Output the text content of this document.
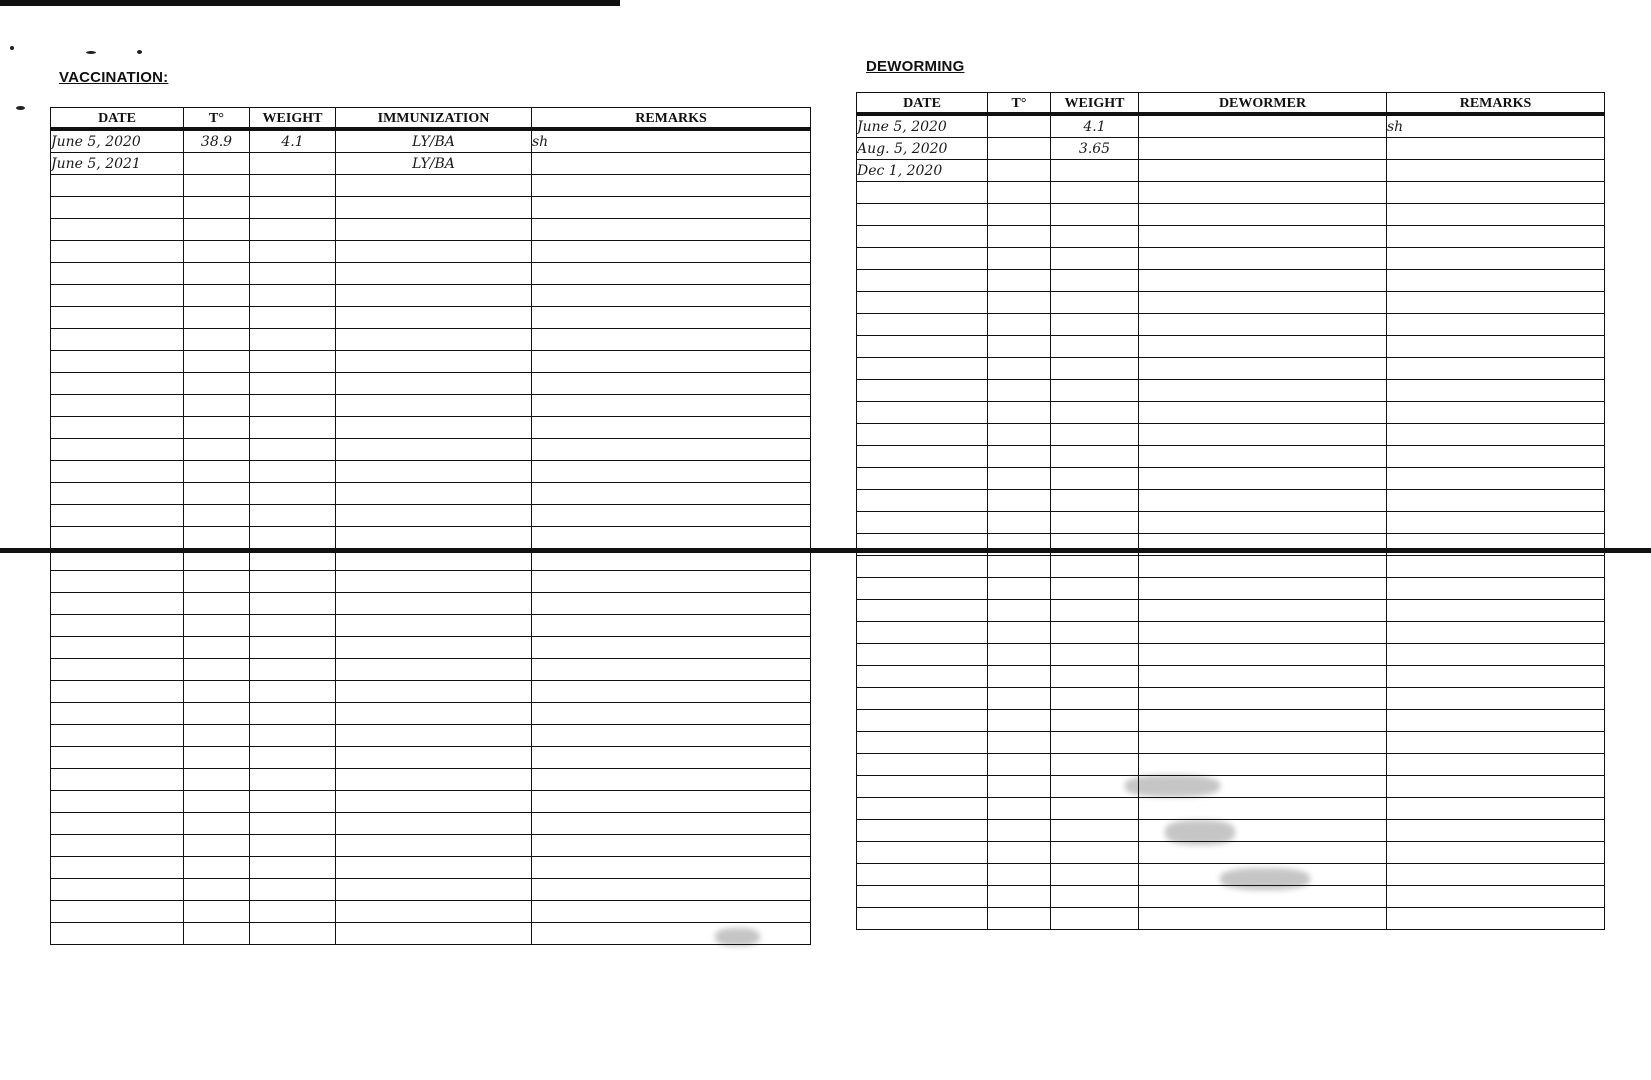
VACCINATION:
DEWORMING
DATE	T°	WEIGHT	IMMUNIZATION	REMARKS
June 5, 2020	38.9	4.1	LY/BA	sh
June 5, 2021			LY/BA	

DATE	T°	WEIGHT	DEWORMER	REMARKS
June 5, 2020		4.1		sh
Aug. 5, 2020		3.65		
Dec 1, 2020				
